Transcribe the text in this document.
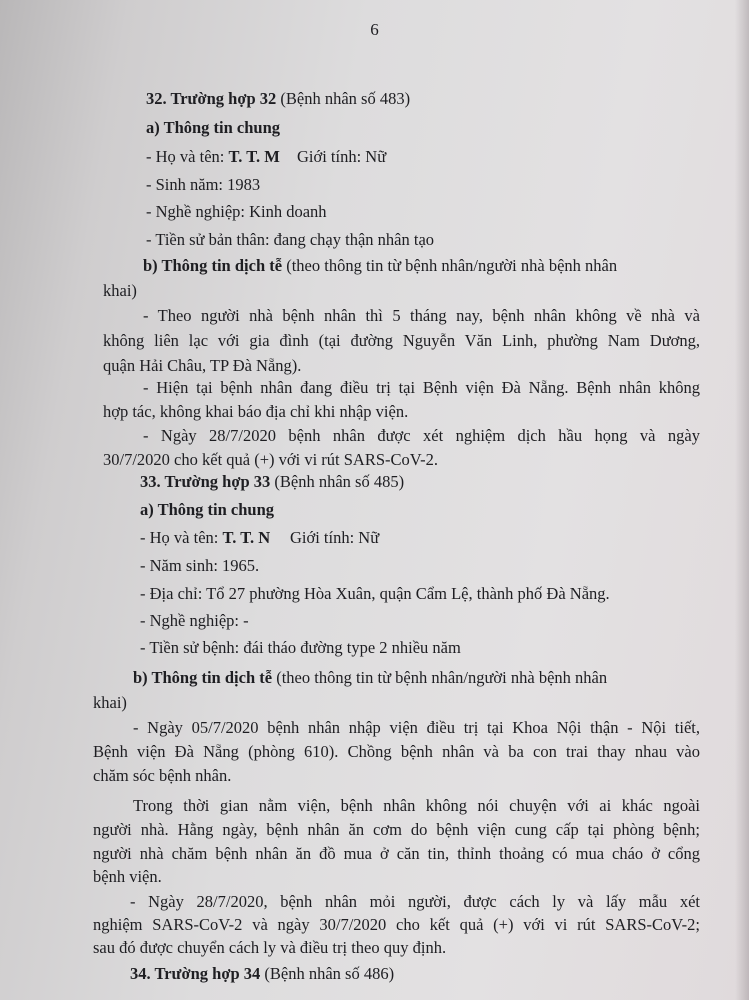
6
32. Trường hợp 32 (Bệnh nhân số 483)
a) Thông tin chung
- Họ và tên: T. T. M Giới tính: Nữ
- Sinh năm: 1983
- Nghề nghiệp: Kinh doanh
- Tiền sử bản thân: đang chạy thận nhân tạo
b) Thông tin dịch tễ (theo thông tin từ bệnh nhân/người nhà bệnh nhân
khai)
- Theo người nhà bệnh nhân thì 5 tháng nay, bệnh nhân không về nhà và
không liên lạc với gia đình (tại đường Nguyễn Văn Linh, phường Nam Dương,
quận Hải Châu, TP Đà Nẵng).
- Hiện tại bệnh nhân đang điều trị tại Bệnh viện Đà Nẵng. Bệnh nhân không
hợp tác, không khai báo địa chỉ khi nhập viện.
- Ngày 28/7/2020 bệnh nhân được xét nghiệm dịch hầu họng và ngày
30/7/2020 cho kết quả (+) với vi rút SARS-CoV-2.
33. Trường hợp 33 (Bệnh nhân số 485)
a) Thông tin chung
- Họ và tên: T. T. N Giới tính: Nữ
- Năm sinh: 1965.
- Địa chỉ: Tổ 27 phường Hòa Xuân, quận Cẩm Lệ, thành phố Đà Nẵng.
- Nghề nghiệp: -
- Tiền sử bệnh: đái tháo đường type 2 nhiều năm
b) Thông tin dịch tễ (theo thông tin từ bệnh nhân/người nhà bệnh nhân
khai)
- Ngày 05/7/2020 bệnh nhân nhập viện điều trị tại Khoa Nội thận - Nội tiết,
Bệnh viện Đà Nẵng (phòng 610). Chồng bệnh nhân và ba con trai thay nhau vào
chăm sóc bệnh nhân.
Trong thời gian nằm viện, bệnh nhân không nói chuyện với ai khác ngoài
người nhà. Hằng ngày, bệnh nhân ăn cơm do bệnh viện cung cấp tại phòng bệnh;
người nhà chăm bệnh nhân ăn đồ mua ở căn tin, thỉnh thoảng có mua cháo ở cổng
bệnh viện.
- Ngày 28/7/2020, bệnh nhân mỏi người, được cách ly và lấy mẫu xét
nghiệm SARS-CoV-2 và ngày 30/7/2020 cho kết quả (+) với vi rút SARS-CoV-2;
sau đó được chuyển cách ly và điều trị theo quy định.
34. Trường hợp 34 (Bệnh nhân số 486)
